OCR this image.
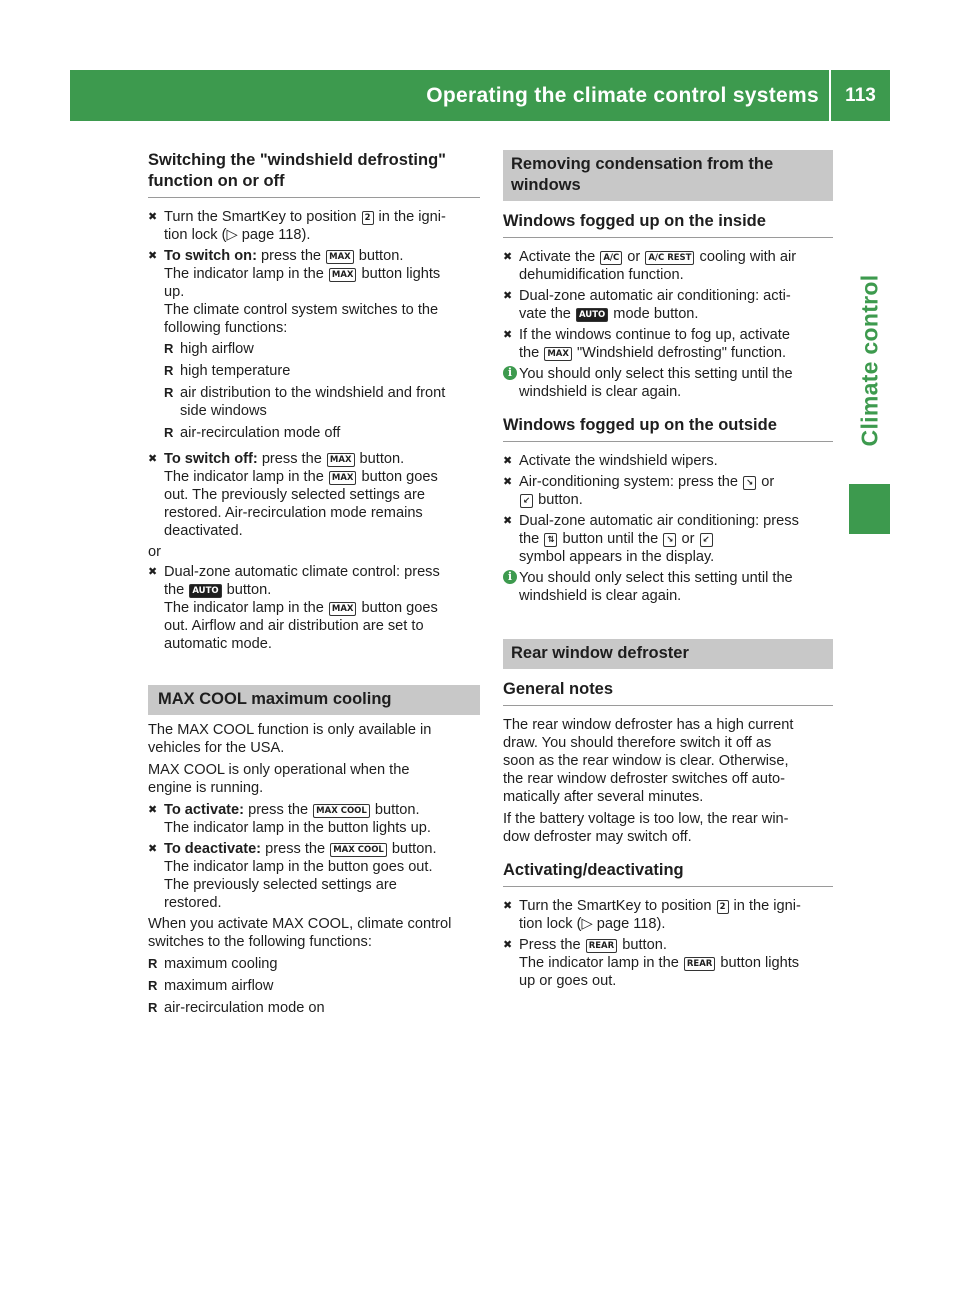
Operating the climate control systems	113
Climate control
Switching the "windshield defrosting" function on or off
✖ Turn the SmartKey to position 2 in the igni-
tion lock (▷ page 118).
✖ To switch on: press the MAX button.
The indicator lamp in the MAX button lights
up.
The climate control system switches to the
following functions:
R high airflow
R high temperature
R air distribution to the windshield and front
side windows
R air-recirculation mode off
✖ To switch off: press the MAX button.
The indicator lamp in the MAX button goes
out. The previously selected settings are
restored. Air-recirculation mode remains
deactivated.
or
✖ Dual-zone automatic climate control: press
the AUTO button.
The indicator lamp in the MAX button goes
out. Airflow and air distribution are set to
automatic mode.
MAX COOL maximum cooling
The MAX COOL function is only available in
vehicles for the USA.
MAX COOL is only operational when the
engine is running.
✖ To activate: press the MAX COOL button.
The indicator lamp in the button lights up.
✖ To deactivate: press the MAX COOL button.
The indicator lamp in the button goes out.
The previously selected settings are
restored.
When you activate MAX COOL, climate control
switches to the following functions:
R maximum cooling
R maximum airflow
R air-recirculation mode on
Removing condensation from the windows
Windows fogged up on the inside
✖ Activate the A/C or A/C REST cooling with air
dehumidification function.
✖ Dual-zone automatic air conditioning: acti-
vate the AUTO mode button.
✖ If the windows continue to fog up, activate
the MAX "Windshield defrosting" function.
i You should only select this setting until the
windshield is clear again.
Windows fogged up on the outside
✖ Activate the windshield wipers.
✖ Air-conditioning system: press the ↘ or
↙ button.
✖ Dual-zone automatic air conditioning: press
the ⇅ button until the ↘ or ↙
symbol appears in the display.
i You should only select this setting until the
windshield is clear again.
Rear window defroster
General notes
The rear window defroster has a high current
draw. You should therefore switch it off as
soon as the rear window is clear. Otherwise,
the rear window defroster switches off auto-
matically after several minutes.
If the battery voltage is too low, the rear win-
dow defroster may switch off.
Activating/deactivating
✖ Turn the SmartKey to position 2 in the igni-
tion lock (▷ page 118).
✖ Press the REAR button.
The indicator lamp in the REAR button lights
up or goes out.
